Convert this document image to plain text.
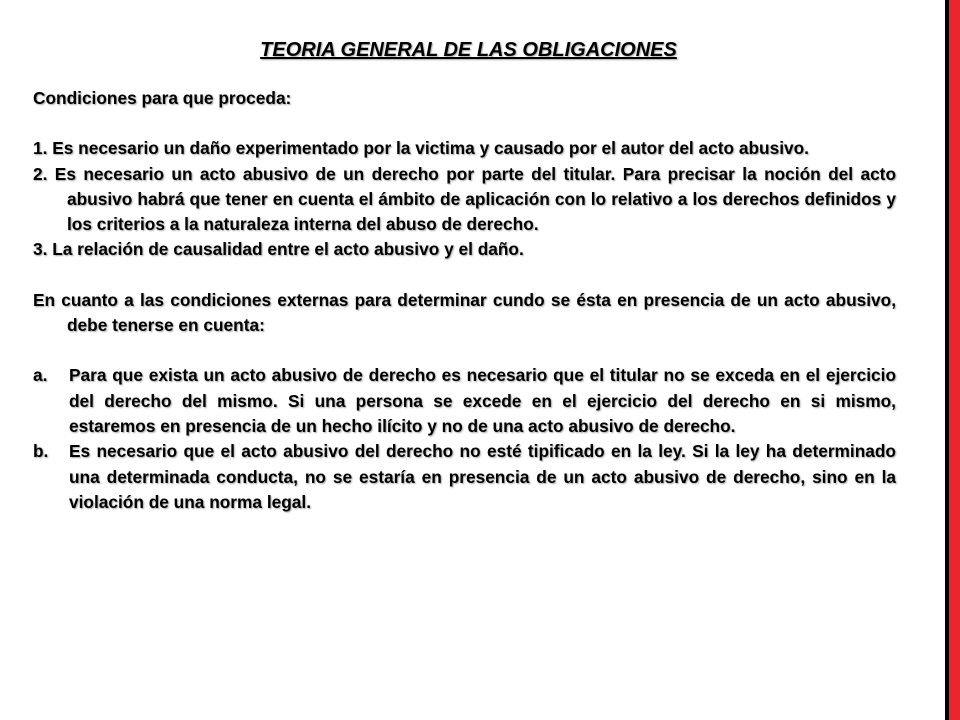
TEORIA GENERAL DE LAS OBLIGACIONES

Condiciones para que proceda:

1. Es necesario un daño experimentado por la victima y causado por el autor del acto abusivo.

2. Es necesario un acto abusivo de un derecho por parte del titular. Para precisar la noción del acto abusivo habrá que tener en cuenta el ámbito de aplicación con lo relativo a los derechos definidos y los criterios a la naturaleza interna del abuso de derecho.

3. La relación de causalidad entre el acto abusivo y el daño.

En cuanto a las condiciones externas para determinar cundo se ésta en presencia de un acto abusivo, debe tenerse en cuenta:

a.	Para que exista un acto abusivo de derecho es necesario que el titular no se exceda en el ejercicio del derecho del mismo. Si una persona se excede en el ejercicio del derecho en si mismo, estaremos en presencia de un hecho ilícito y no de una acto abusivo de derecho.
b.	Es necesario que el acto abusivo del derecho no esté tipificado en la ley. Si la ley ha determinado una determinada conducta, no se estaría en presencia de un acto abusivo de derecho, sino en la violación de una norma legal.
